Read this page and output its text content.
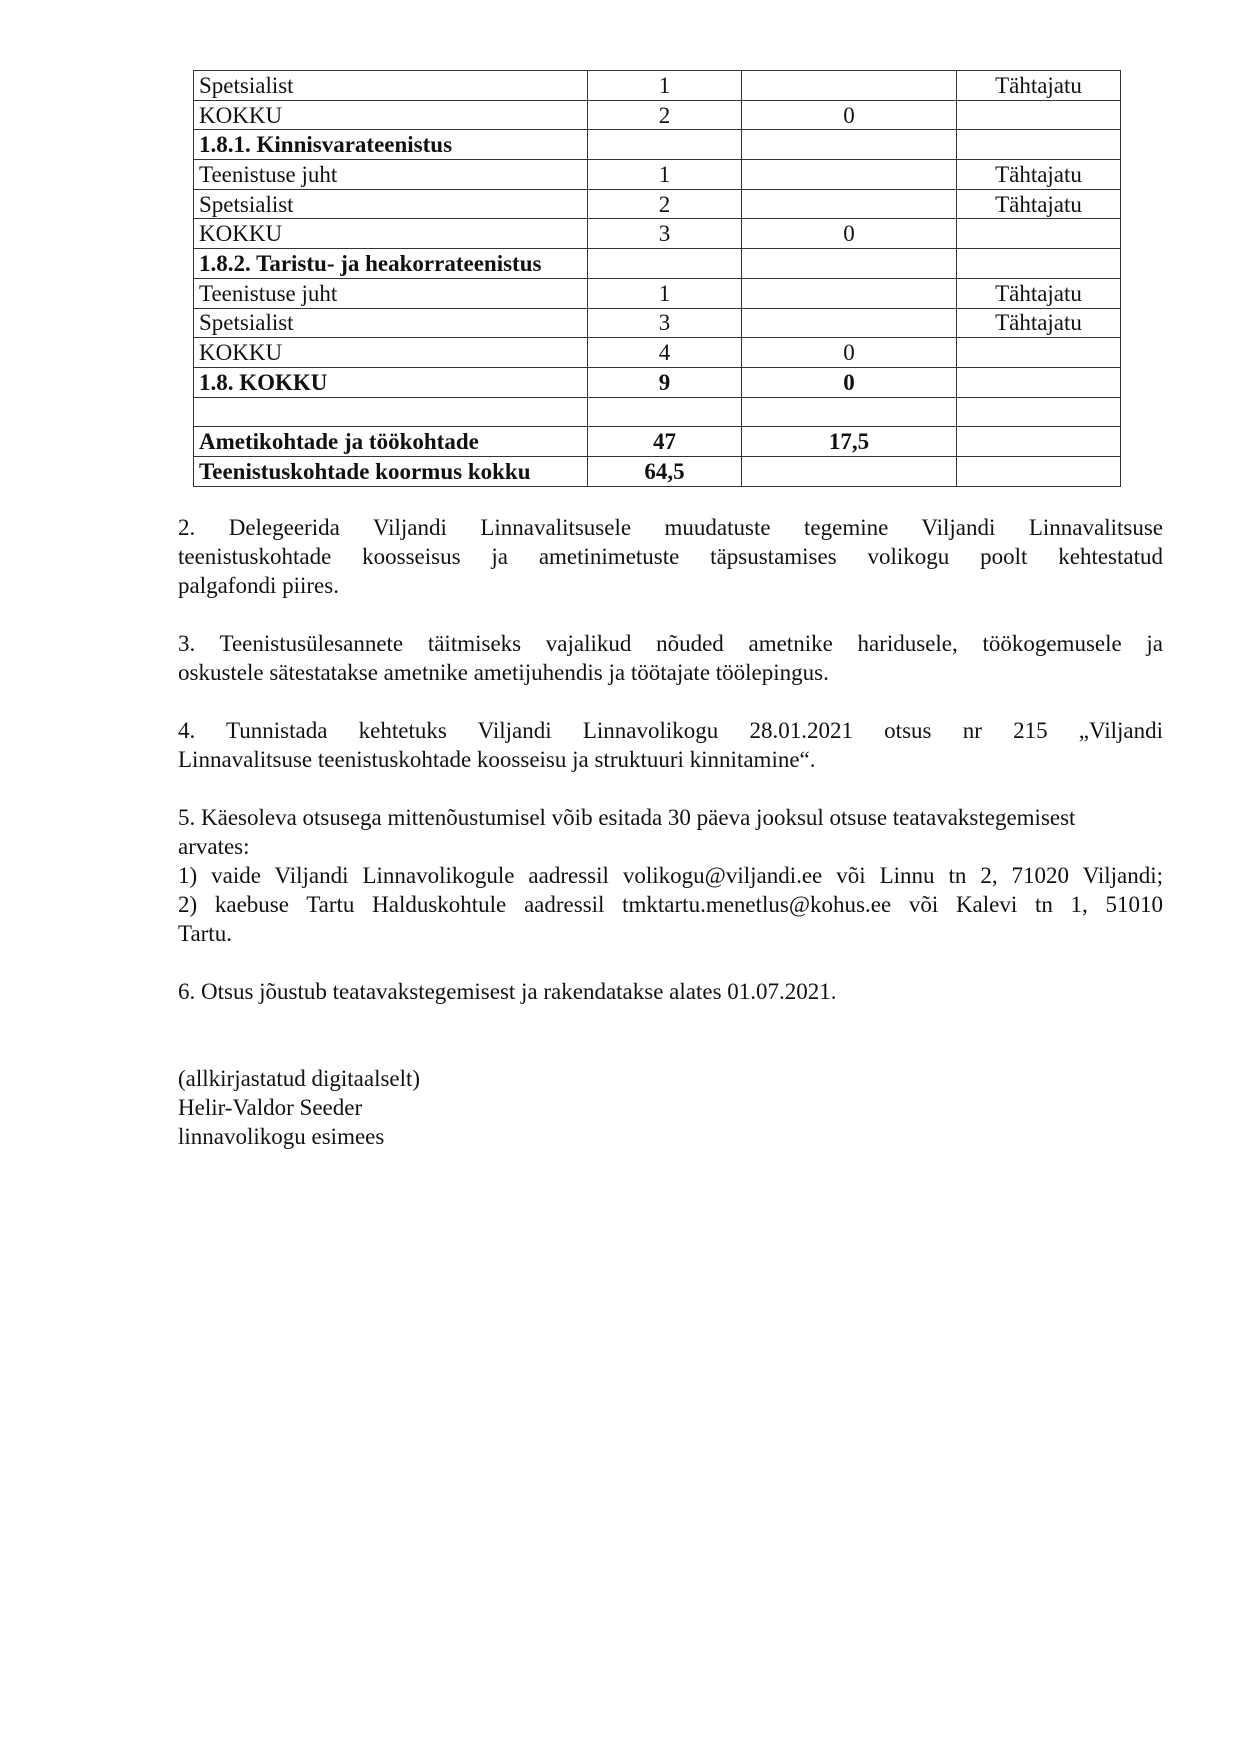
Spetsialist	1		Tähtajatu
KOKKU	2	0	
1.8.1. Kinnisvarateenistus			
Teenistuse juht	1		Tähtajatu
Spetsialist	2		Tähtajatu
KOKKU	3	0	
1.8.2. Taristu- ja heakorrateenistus			
Teenistuse juht	1		Tähtajatu
Spetsialist	3		Tähtajatu
KOKKU	4	0	
1.8. KOKKU	9	0	

Ametikohtade ja töökohtade	47	17,5	
Teenistuskohtade koormus kokku	64,5		
2. Delegeerida Viljandi Linnavalitsusele muudatuste tegemine Viljandi Linnavalitsuse
teenistuskohtade koosseisus ja ametinimetuste täpsustamises volikogu poolt kehtestatud
palgafondi piires.
3. Teenistusülesannete täitmiseks vajalikud nõuded ametnike haridusele, töökogemusele ja
oskustele sätestatakse ametnike ametijuhendis ja töötajate töölepingus.
4. Tunnistada kehtetuks Viljandi Linnavolikogu 28.01.2021 otsus nr 215 „Viljandi
Linnavalitsuse teenistuskohtade koosseisu ja struktuuri kinnitamine“.
5. Käesoleva otsusega mittenõustumisel võib esitada 30 päeva jooksul otsuse teatavakstegemisest
arvates:
1) vaide Viljandi Linnavolikogule aadressil volikogu@viljandi.ee või Linnu tn 2, 71020 Viljandi;
2) kaebuse Tartu Halduskohtule aadressil tmktartu.menetlus@kohus.ee või Kalevi tn 1, 51010
Tartu.
6. Otsus jõustub teatavakstegemisest ja rakendatakse alates 01.07.2021.
(allkirjastatud digitaalselt)
Helir-Valdor Seeder
linnavolikogu esimees
